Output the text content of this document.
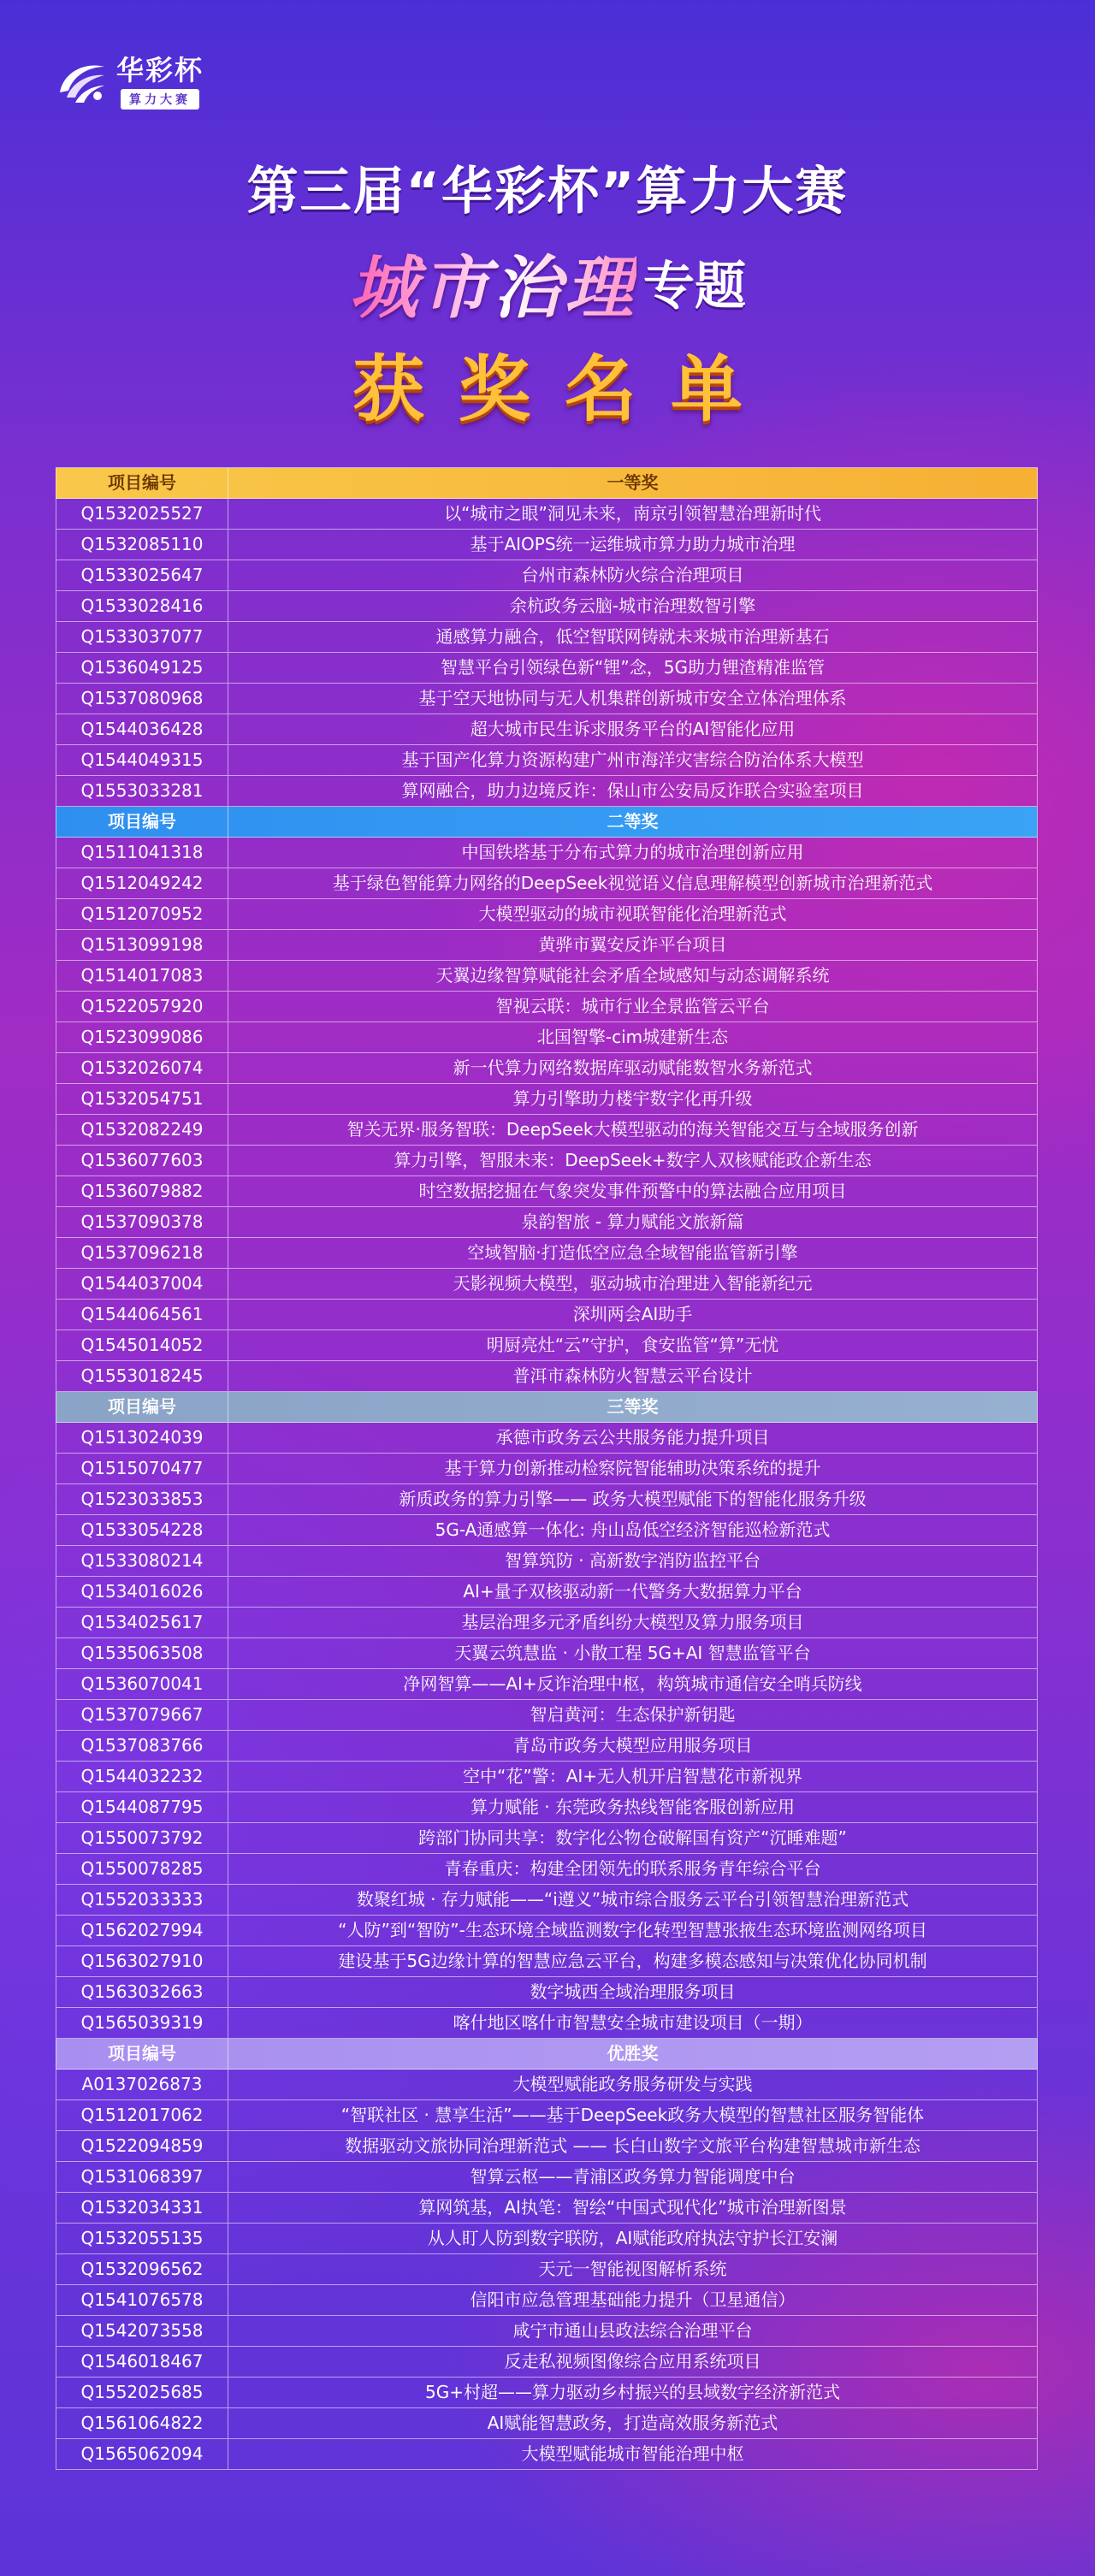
华彩杯
算力大赛
第三届“华彩杯”算力大赛
城市治理 专题
获奖名单
项目编号	一等奖
Q1532025527	以“城市之眼”洞见未来，南京引领智慧治理新时代
Q1532085110	基于AIOPS统一运维城市算力助力城市治理
Q1533025647	台州市森林防火综合治理项目
Q1533028416	余杭政务云脑-城市治理数智引擎
Q1533037077	通感算力融合，低空智联网铸就未来城市治理新基石
Q1536049125	智慧平台引领绿色新“锂”念，5G助力锂渣精准监管
Q1537080968	基于空天地协同与无人机集群创新城市安全立体治理体系
Q1544036428	超大城市民生诉求服务平台的AI智能化应用
Q1544049315	基于国产化算力资源构建广州市海洋灾害综合防治体系大模型
Q1553033281	算网融合，助力边境反诈：保山市公安局反诈联合实验室项目
项目编号	二等奖
Q1511041318	中国铁塔基于分布式算力的城市治理创新应用
Q1512049242	基于绿色智能算力网络的DeepSeek视觉语义信息理解模型创新城市治理新范式
Q1512070952	大模型驱动的城市视联智能化治理新范式
Q1513099198	黄骅市翼安反诈平台项目
Q1514017083	天翼边缘智算赋能社会矛盾全域感知与动态调解系统
Q1522057920	智视云联：城市行业全景监管云平台
Q1523099086	北国智擎-cim城建新生态
Q1532026074	新一代算力网络数据库驱动赋能数智水务新范式
Q1532054751	算力引擎助力楼宇数字化再升级
Q1532082249	智关无界·服务智联：DeepSeek大模型驱动的海关智能交互与全域服务创新
Q1536077603	算力引擎，智服未来：DeepSeek+数字人双核赋能政企新生态
Q1536079882	时空数据挖掘在气象突发事件预警中的算法融合应用项目
Q1537090378	泉韵智旅 - 算力赋能文旅新篇
Q1537096218	空域智脑·打造低空应急全域智能监管新引擎
Q1544037004	天影视频大模型，驱动城市治理进入智能新纪元
Q1544064561	深圳两会AI助手
Q1545014052	明厨亮灶“云”守护，食安监管“算”无忧
Q1553018245	普洱市森林防火智慧云平台设计
项目编号	三等奖
Q1513024039	承德市政务云公共服务能力提升项目
Q1515070477	基于算力创新推动检察院智能辅助决策系统的提升
Q1523033853	新质政务的算力引擎—— 政务大模型赋能下的智能化服务升级
Q1533054228	5G-A通感算一体化: 舟山岛低空经济智能巡检新范式
Q1533080214	智算筑防 · 高新数字消防监控平台
Q1534016026	AI+量子双核驱动新一代警务大数据算力平台
Q1534025617	基层治理多元矛盾纠纷大模型及算力服务项目
Q1535063508	天翼云筑慧监 · 小散工程 5G+AI 智慧监管平台
Q1536070041	净网智算——AI+反诈治理中枢，构筑城市通信安全哨兵防线
Q1537079667	智启黄河：生态保护新钥匙
Q1537083766	青岛市政务大模型应用服务项目
Q1544032232	空中“花”警：AI+无人机开启智慧花市新视界
Q1544087795	算力赋能 · 东莞政务热线智能客服创新应用
Q1550073792	跨部门协同共享：数字化公物仓破解国有资产“沉睡难题”
Q1550078285	青春重庆：构建全团领先的联系服务青年综合平台
Q1552033333	数聚红城 · 存力赋能——“i遵义”城市综合服务云平台引领智慧治理新范式
Q1562027994	“人防”到“智防”-生态环境全域监测数字化转型智慧张掖生态环境监测网络项目
Q1563027910	建设基于5G边缘计算的智慧应急云平台，构建多模态感知与决策优化协同机制
Q1563032663	数字城西全域治理服务项目
Q1565039319	喀什地区喀什市智慧安全城市建设项目（一期）
项目编号	优胜奖
A0137026873	大模型赋能政务服务研发与实践
Q1512017062	“智联社区 · 慧享生活”——基于DeepSeek政务大模型的智慧社区服务智能体
Q1522094859	数据驱动文旅协同治理新范式 —— 长白山数字文旅平台构建智慧城市新生态
Q1531068397	智算云枢——青浦区政务算力智能调度中台
Q1532034331	算网筑基，AI执笔：智绘“中国式现代化”城市治理新图景
Q1532055135	从人盯人防到数字联防，AI赋能政府执法守护长江安澜
Q1532096562	天元一智能视图解析系统
Q1541076578	信阳市应急管理基础能力提升（卫星通信）
Q1542073558	咸宁市通山县政法综合治理平台
Q1546018467	反走私视频图像综合应用系统项目
Q1552025685	5G+村超——算力驱动乡村振兴的县域数字经济新范式
Q1561064822	AI赋能智慧政务，打造高效服务新范式
Q1565062094	大模型赋能城市智能治理中枢
